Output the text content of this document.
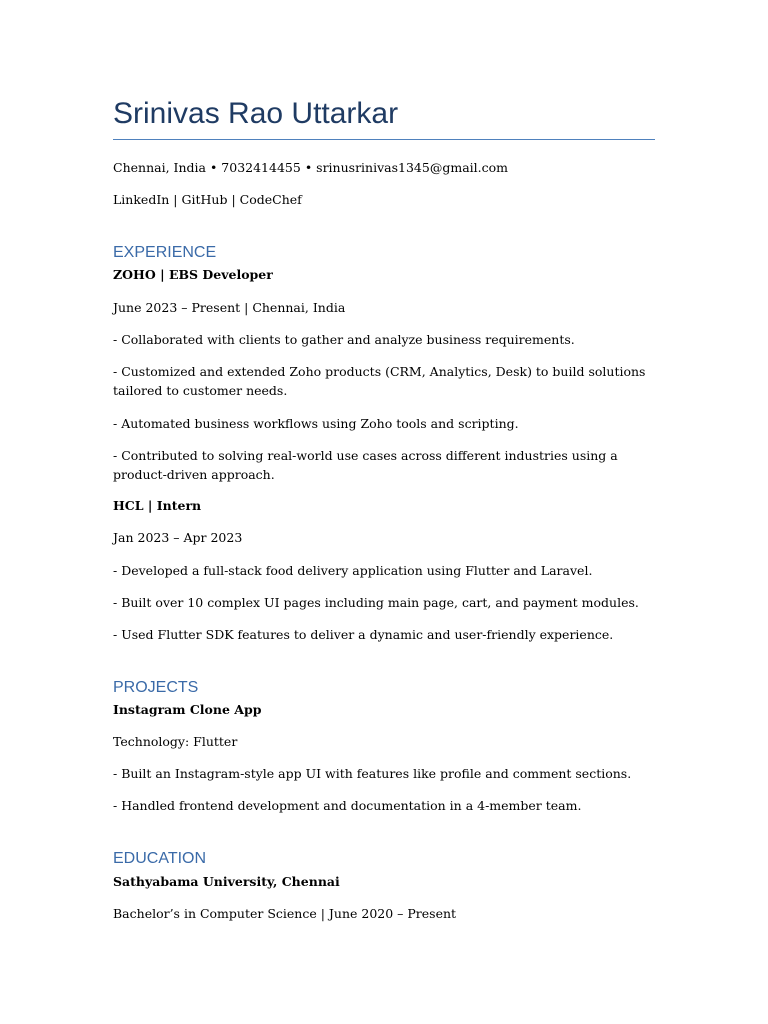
Srinivas Rao Uttarkar

Chennai, India • 7032414455 • srinusrinivas1345@gmail.com

LinkedIn | GitHub | CodeChef

EXPERIENCE

ZOHO | EBS Developer

June 2023 – Present | Chennai, India

- Collaborated with clients to gather and analyze business requirements.

- Customized and extended Zoho products (CRM, Analytics, Desk) to build solutions tailored to customer needs.

- Automated business workflows using Zoho tools and scripting.

- Contributed to solving real-world use cases across different industries using a product-driven approach.

HCL | Intern

Jan 2023 – Apr 2023

- Developed a full-stack food delivery application using Flutter and Laravel.

- Built over 10 complex UI pages including main page, cart, and payment modules.

- Used Flutter SDK features to deliver a dynamic and user-friendly experience.

PROJECTS

Instagram Clone App

Technology: Flutter

- Built an Instagram-style app UI with features like profile and comment sections.

- Handled frontend development and documentation in a 4-member team.

EDUCATION

Sathyabama University, Chennai

Bachelor’s in Computer Science | June 2020 – Present
